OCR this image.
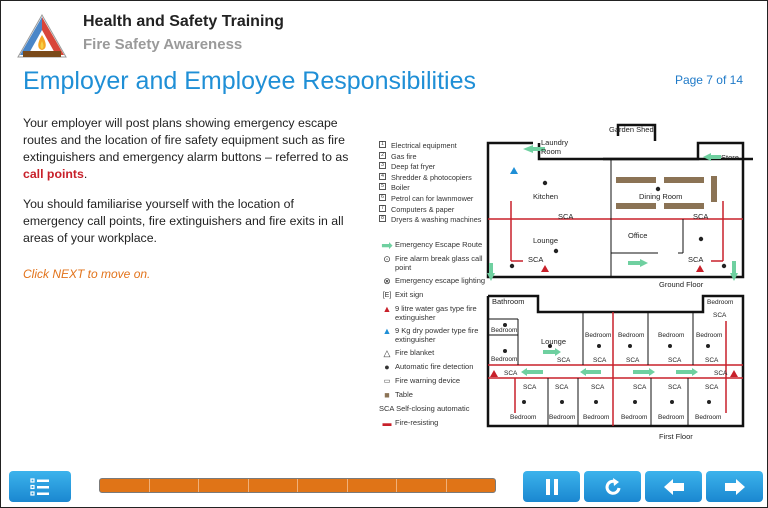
Health and Safety Training
Fire Safety Awareness
Employer and Employee Responsibilities	Page 7 of 14

Your employer will post plans showing emergency escape routes and the location of fire safety equipment such as fire extinguishers and emergency alarm buttons – referred to as call points.

You should familiarise yourself with the location of emergency call points, fire extinguishers and fire exits in all areas of your workplace.

Click NEXT to move on.
1 Electrical equipment
2 Gas fire
3 Deep fat fryer
4 Shredder & photocopiers
5 Boiler
6 Petrol can for lawnmower
7 Computers & paper
8 Dryers & washing machines
➡ Emergency Escape Route
⊙ Fire alarm break glass call point
⊗ Emergency escape lighting
[E] Exit sign
▲ 9 litre water gas type fire extinguisher
▲ 9 Kg dry powder type fire extinguisher
△ Fire blanket
● Automatic fire detection
▭ Fire warning device
■ Table
SCA Self-closing automatic
▬ Fire-resisting
Laundry
Room
Garden Shed
Store
Kitchen	Dining Room
Lounge
Office
SCA	SCA
SCA	SCA
Ground Floor
Bathroom
Lounge
Bedroom
Bedroom
Bedroom Bedroom Bedroom Bedroom
Bedroom
Bedroom Bedroom Bedroom Bedroom Bedroom Bedroom
SCA	SCA	SCA	SCA	SCA
SCA	SCA
SCA	SCA	SCA	SCA	SCA	SCA
SCA
First Floor
